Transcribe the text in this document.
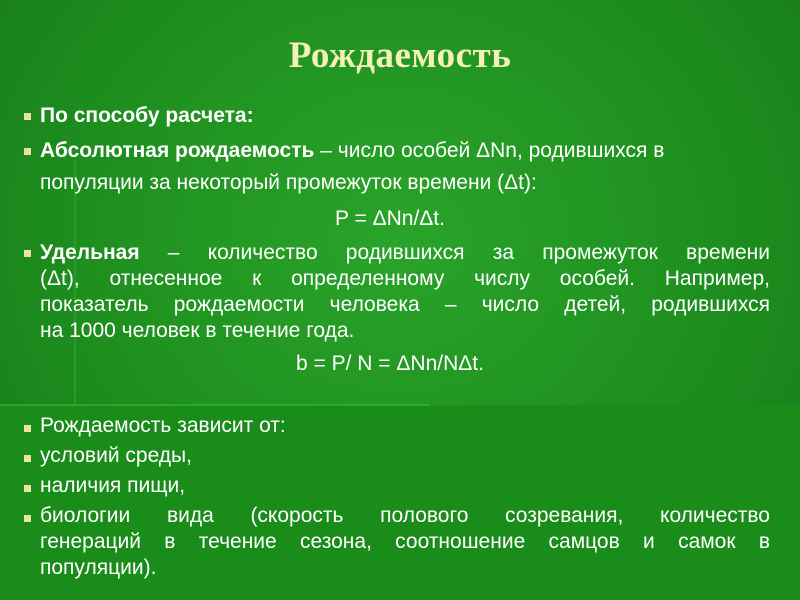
Рождаемость
По способу расчета:
Абсолютная рождаемость – число особей ΔNn, родившихся в
популяции за некоторый промежуток времени (Δt):
P = ΔNn/Δt.
Удельная – количество родившихся за промежуток времени
(Δt), отнесенное к определенному числу особей. Например,
показатель рождаемости человека – число детей, родившихся
на 1000 человек в течение года.
b = P/ N = ΔNn/NΔt.
Рождаемость зависит от:
условий среды,
наличия пищи,
биологии вида (скорость полового созревания, количество
генераций в течение сезона, соотношение самцов и самок в
популяции).
